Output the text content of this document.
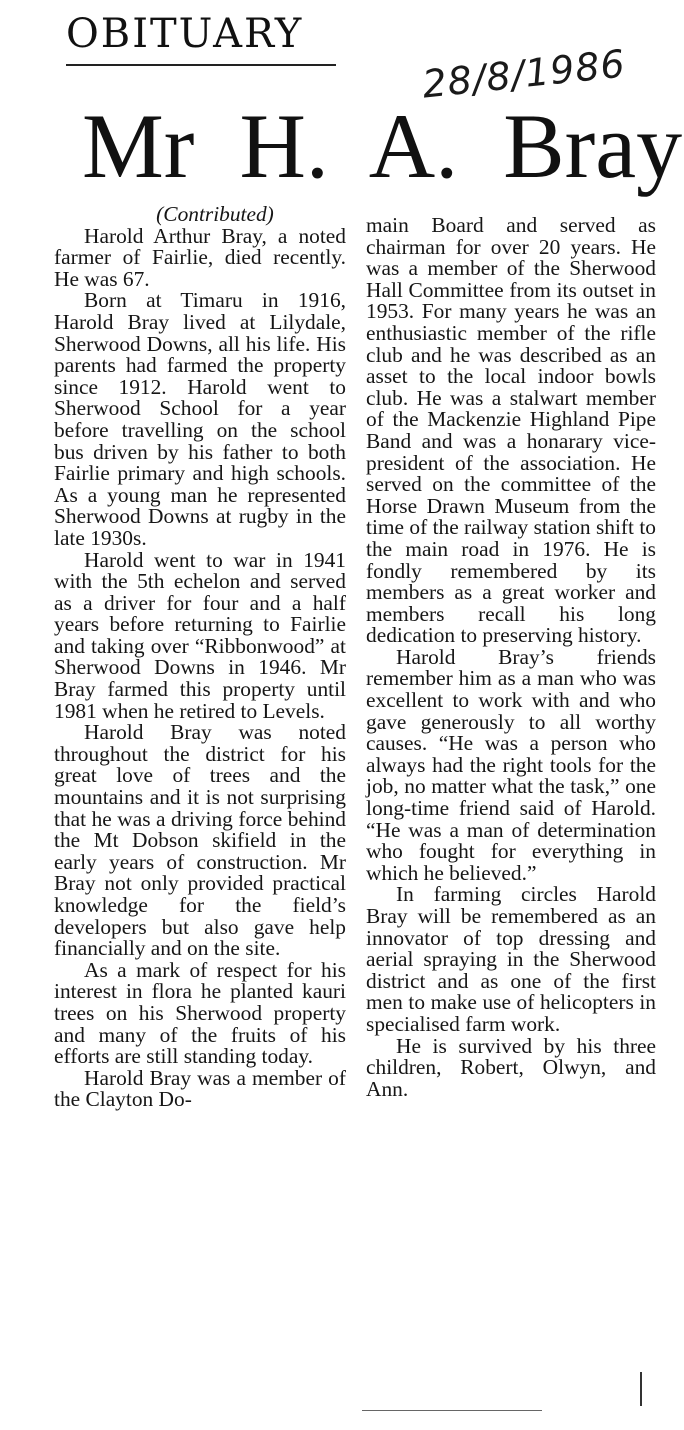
OBITUARY
28/8/1986
Mr H. A. Bray

(Contributed)

Harold Arthur Bray, a noted farmer of Fairlie, died recently. He was 67.

Born at Timaru in 1916, Harold Bray lived at Lilydale, Sherwood Downs, all his life. His parents had farmed the property since 1912. Harold went to Sherwood School for a year before travelling on the school bus driven by his father to both Fairlie primary and high schools. As a young man he represented Sherwood Downs at rugby in the late 1930s.

Harold went to war in 1941 with the 5th echelon and served as a driver for four and a half years before returning to Fairlie and taking over “Ribbonwood” at Sherwood Downs in 1946. Mr Bray farmed this property until 1981 when he retired to Levels.

Harold Bray was noted throughout the district for his great love of trees and the mountains and it is not surprising that he was a driving force behind the Mt Dobson skifield in the early years of construction. Mr Bray not only provided practical knowledge for the field’s developers but also gave help financially and on the site.

As a mark of respect for his interest in flora he planted kauri trees on his Sherwood property and many of the fruits of his efforts are still standing today.

Harold Bray was a member of the Clayton Do-

main Board and served as chairman for over 20 years. He was a member of the Sherwood Hall Committee from its outset in 1953. For many years he was an enthusiastic member of the rifle club and he was described as an asset to the local indoor bowls club. He was a stalwart member of the Mackenzie Highland Pipe Band and was a honarary vice-president of the association. He served on the committee of the Horse Drawn Museum from the time of the railway station shift to the main road in 1976. He is fondly remembered by its members as a great worker and members recall his long dedication to preserving history.

Harold Bray’s friends remember him as a man who was excellent to work with and who gave generously to all worthy causes. “He was a person who always had the right tools for the job, no matter what the task,” one long-time friend said of Harold. “He was a man of determination who fought for everything in which he believed.”

In farming circles Harold Bray will be remembered as an innovator of top dressing and aerial spraying in the Sherwood district and as one of the first men to make use of helicopters in specialised farm work.

He is survived by his three children, Robert, Olwyn, and Ann.
